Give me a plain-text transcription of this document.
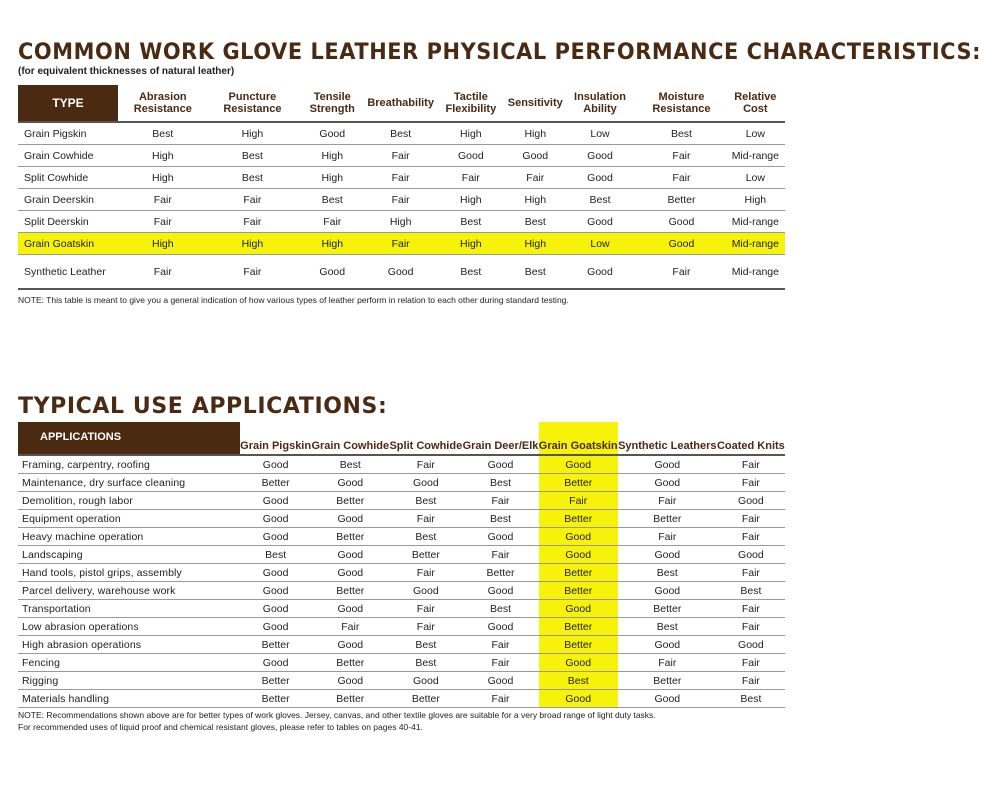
COMMON WORK GLOVE LEATHER PHYSICAL PERFORMANCE CHARACTERISTICS:
(for equivalent thicknesses of natural leather)
TYPE	Abrasion Resistance	Puncture Resistance	Tensile Strength	Breathability	Tactile Flexibility	Sensitivity	Insulation Ability	Moisture Resistance	Relative Cost
Grain Pigskin	Best	High	Good	Best	High	High	Low	Best	Low
Grain Cowhide	High	Best	High	Fair	Good	Good	Good	Fair	Mid-range
Split Cowhide	High	Best	High	Fair	Fair	Fair	Good	Fair	Low
Grain Deerskin	Fair	Fair	Best	Fair	High	High	Best	Better	High
Split Deerskin	Fair	Fair	Fair	High	Best	Best	Good	Good	Mid-range
Grain Goatskin	High	High	High	Fair	High	High	Low	Good	Mid-range
Synthetic Leather	Fair	Fair	Good	Good	Best	Best	Good	Fair	Mid-range
NOTE: This table is meant to give you a general indication of how various types of leather perform in relation to each other during standard testing.
TYPICAL USE APPLICATIONS:
APPLICATIONS	Grain Pigskin	Grain Cowhide	Split Cowhide	Grain Deer/Elk	Grain Goatskin	Synthetic Leathers	Coated Knits
Framing, carpentry, roofing	Good	Best	Fair	Good	Good	Good	Fair
Maintenance, dry surface cleaning	Better	Good	Good	Best	Better	Good	Fair
Demolition, rough labor	Good	Better	Best	Fair	Fair	Fair	Good
Equipment operation	Good	Good	Fair	Best	Better	Better	Fair
Heavy machine operation	Good	Better	Best	Good	Good	Fair	Fair
Landscaping	Best	Good	Better	Fair	Good	Good	Good
Hand tools, pistol grips, assembly	Good	Good	Fair	Better	Better	Best	Fair
Parcel delivery, warehouse work	Good	Better	Good	Good	Better	Good	Best
Transportation	Good	Good	Fair	Best	Good	Better	Fair
Low abrasion operations	Good	Fair	Fair	Good	Better	Best	Fair
High abrasion operations	Better	Good	Best	Fair	Better	Good	Good
Fencing	Good	Better	Best	Fair	Good	Fair	Fair
Rigging	Better	Good	Good	Good	Best	Better	Fair
Materials handling	Better	Better	Better	Fair	Good	Good	Best
NOTE: Recommendations shown above are for better types of work gloves. Jersey, canvas, and other textile gloves are suitable for a very broad range of light duty tasks.
For recommended uses of liquid proof and chemical resistant gloves, please refer to tables on pages 40-41.
